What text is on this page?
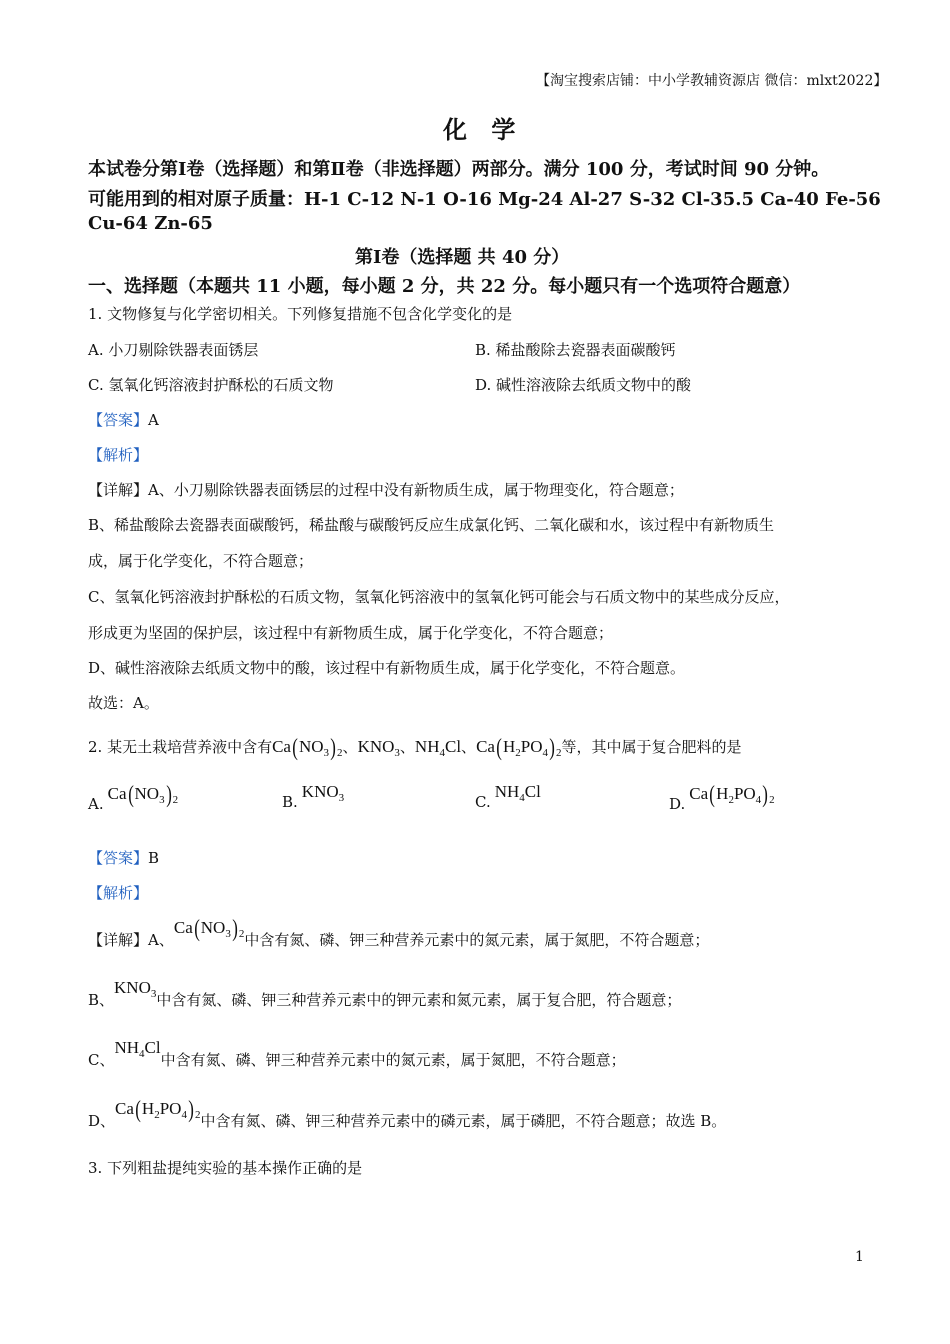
【淘宝搜索店铺：中小学教辅资源店 微信：mlxt2022】
化 学
本试卷分第Ⅰ卷（选择题）和第Ⅱ卷（非选择题）两部分。满分 100 分，考试时间 90 分钟。
可能用到的相对原子质量：H-1 C-12 N-1 O-16 Mg-24 Al-27 S-32 Cl-35.5 Ca-40 Fe-56
Cu-64 Zn-65
第Ⅰ卷（选择题 共 40 分）
一、选择题（本题共 11 小题，每小题 2 分，共 22 分。每小题只有一个选项符合题意）
1. 文物修复与化学密切相关。下列修复措施不包含化学变化的是
A. 小刀剔除铁器表面锈层	B. 稀盐酸除去瓷器表面碳酸钙
C. 氢氧化钙溶液封护酥松的石质文物	D. 碱性溶液除去纸质文物中的酸
【答案】A
【解析】
【详解】A、小刀剔除铁器表面锈层的过程中没有新物质生成，属于物理变化，符合题意；
B、稀盐酸除去瓷器表面碳酸钙，稀盐酸与碳酸钙反应生成氯化钙、二氧化碳和水，该过程中有新物质生
成，属于化学变化，不符合题意；
C、氢氧化钙溶液封护酥松的石质文物，氢氧化钙溶液中的氢氧化钙可能会与石质文物中的某些成分反应，
形成更为坚固的保护层，该过程中有新物质生成，属于化学变化，不符合题意；
D、碱性溶液除去纸质文物中的酸，该过程中有新物质生成，属于化学变化，不符合题意。
故选：A。
2. 某无土栽培营养液中含有$Ca(NO_3)_2$、$KNO_3$、$NH_4Cl$、$Ca(H_2PO_4)_2$等，其中属于复合肥料的是
$A.Ca(NO_3)_2$	$B.KNO_3$	$C.NH_4Cl$
$D.Ca(H_2PO_4)_2$
【答案】B
【解析】
【详解】A、$Ca(NO_3)_2$中含有氮、磷、钾三种营养元素中的氮元素，属于氮肥，不符合题意；
B、$KNO_3$中含有氮、磷、钾三种营养元素中的钾元素和氮元素，属于复合肥，符合题意；
C、$NH_4Cl$中含有氮、磷、钾三种营养元素中的氮元素，属于氮肥，不符合题意；
D、$Ca(H_2PO_4)_2$中含有氮、磷、钾三种营养元素中的磷元素，属于磷肥，不符合题意；故选 B。
3. 下列粗盐提纯实验的基本操作正确的是
1
